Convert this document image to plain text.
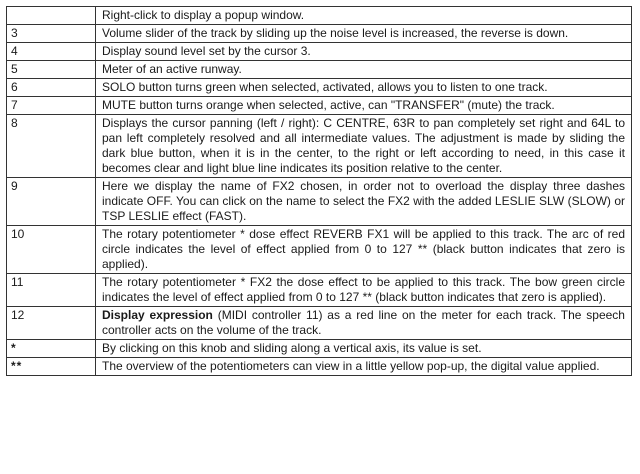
	Right-click to display a popup window.
3	Volume slider of the track by sliding up the noise level is increased, the reverse is down.
4	Display sound level set by the cursor 3.
5	Meter of an active runway.
6	SOLO button turns green when selected, activated, allows you to listen to one track.
7	MUTE button turns orange when selected, active, can "TRANSFER" (mute) the track.
8	Displays the cursor panning (left / right): C CENTRE, 63R to pan completely set right and 64L to pan left completely resolved and all intermediate values. The adjustment is made by sliding the dark blue button, when it is in the center, to the right or left according to need, in this case it becomes clear and light blue line indicates its position relative to the center.
9	Here we display the name of FX2 chosen, in order not to overload the display three dashes indicate OFF. You can click on the name to select the FX2 with the added LESLIE SLW (SLOW) or TSP LESLIE effect (FAST).
10	The rotary potentiometer * dose effect REVERB FX1 will be applied to this track. The arc of red circle indicates the level of effect applied from 0 to 127 ** (black button indicates that zero is applied).
11	The rotary potentiometer * FX2 the dose effect to be applied to this track. The bow green circle indicates the level of effect applied from 0 to 127 ** (black button indicates that zero is applied).
12	Display expression (MIDI controller 11) as a red line on the meter for each track. The speech controller acts on the volume of the track.
*	By clicking on this knob and sliding along a vertical axis, its value is set.
**	The overview of the potentiometers can view in a little yellow pop-up, the digital value applied.
